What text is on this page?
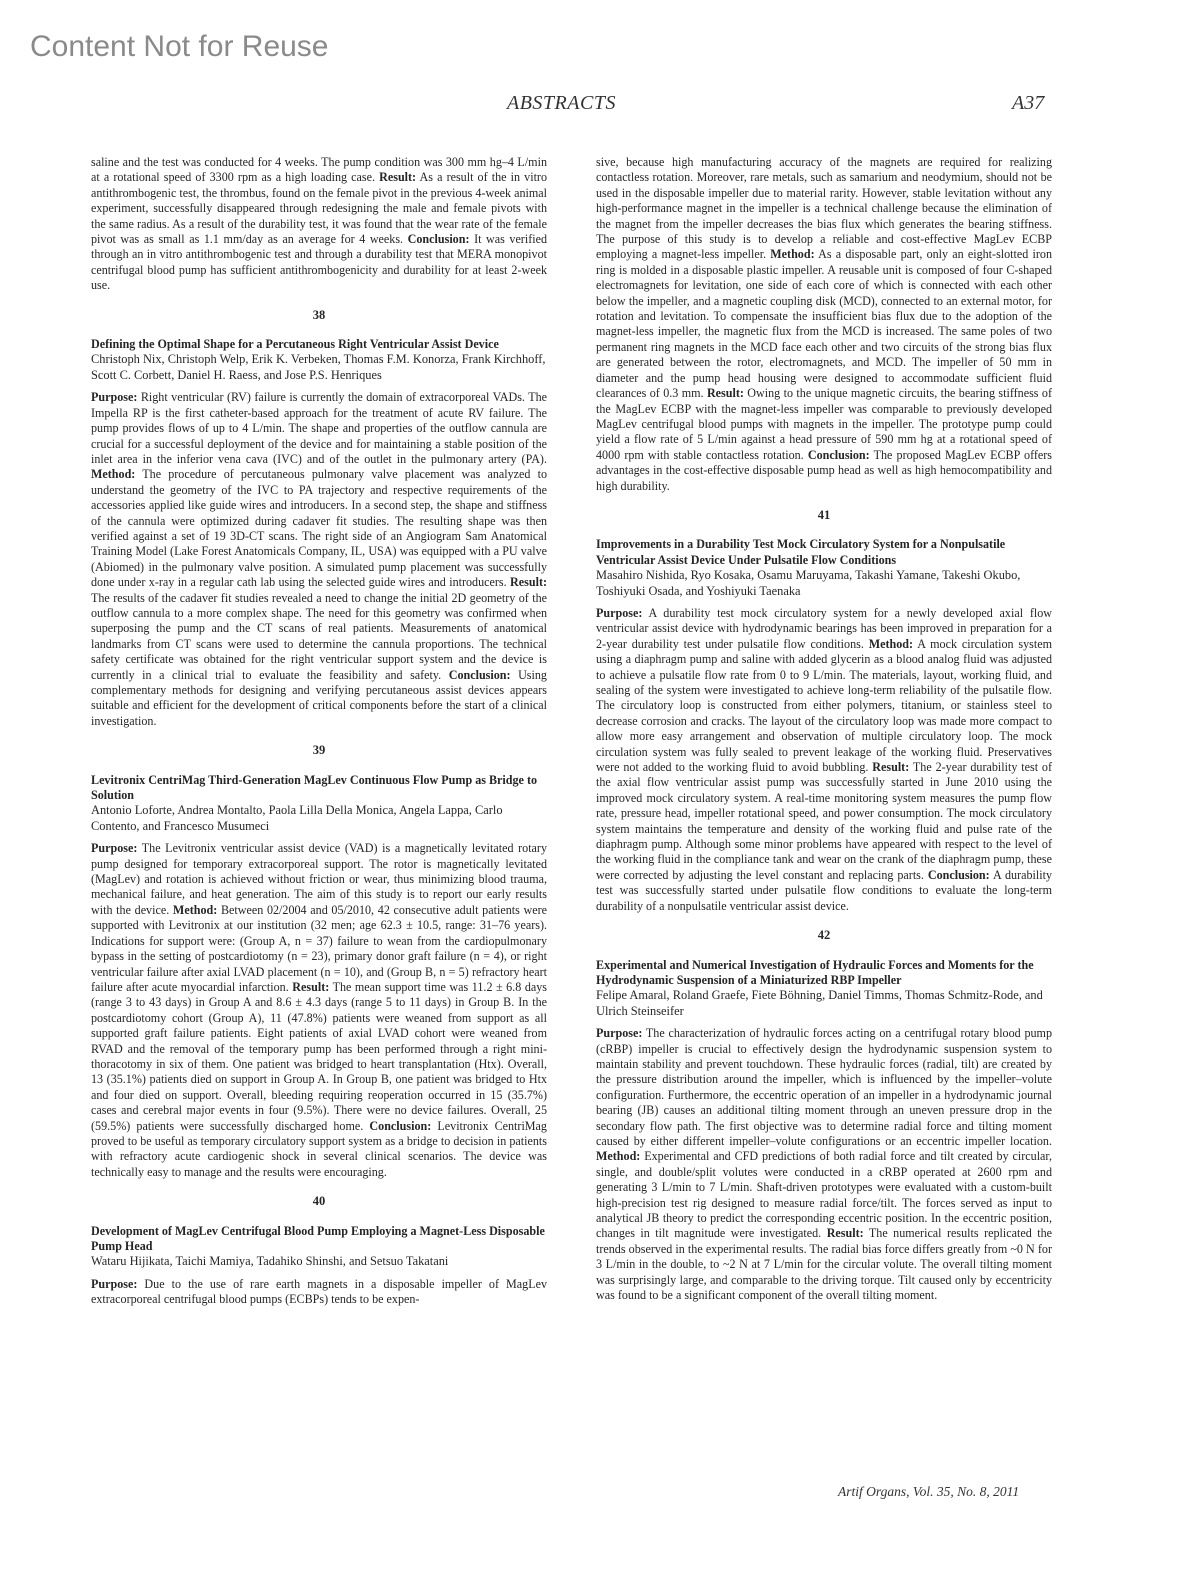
Content Not for Reuse
ABSTRACTS	A37

saline and the test was conducted for 4 weeks. The pump condition was 300 mm hg–4 L/min at a rotational speed of 3300 rpm as a high loading case. Result: As a result of the in vitro antithrombogenic test, the thrombus, found on the female pivot in the previous 4-week animal experiment, successfully disappeared through redesigning the male and female pivots with the same radius. As a result of the durability test, it was found that the wear rate of the female pivot was as small as 1.1 mm/day as an average for 4 weeks. Conclusion: It was verified through an in vitro antithrombogenic test and through a durability test that MERA monopivot centrifugal blood pump has sufficient antithrombogenicity and durability for at least 2-week use.

38

Defining the Optimal Shape for a Percutaneous Right Ventricular Assist Device

Christoph Nix, Christoph Welp, Erik K. Verbeken, Thomas F.M. Konorza, Frank Kirchhoff, Scott C. Corbett, Daniel H. Raess, and Jose P.S. Henriques

Purpose: Right ventricular (RV) failure is currently the domain of extracorporeal VADs. The Impella RP is the first catheter-based approach for the treatment of acute RV failure. The pump provides flows of up to 4 L/min. The shape and properties of the outflow cannula are crucial for a successful deployment of the device and for maintaining a stable position of the inlet area in the inferior vena cava (IVC) and of the outlet in the pulmonary artery (PA). Method: The procedure of percutaneous pulmonary valve placement was analyzed to understand the geometry of the IVC to PA trajectory and respective requirements of the accessories applied like guide wires and introducers. In a second step, the shape and stiffness of the cannula were optimized during cadaver fit studies. The resulting shape was then verified against a set of 19 3D-CT scans. The right side of an Angiogram Sam Anatomical Training Model (Lake Forest Anatomicals Company, IL, USA) was equipped with a PU valve (Abiomed) in the pulmonary valve position. A simulated pump placement was successfully done under x-ray in a regular cath lab using the selected guide wires and introducers. Result: The results of the cadaver fit studies revealed a need to change the initial 2D geometry of the outflow cannula to a more complex shape. The need for this geometry was confirmed when superposing the pump and the CT scans of real patients. Measurements of anatomical landmarks from CT scans were used to determine the cannula proportions. The technical safety certificate was obtained for the right ventricular support system and the device is currently in a clinical trial to evaluate the feasibility and safety. Conclusion: Using complementary methods for designing and verifying percutaneous assist devices appears suitable and efficient for the development of critical components before the start of a clinical investigation.

39

Levitronix CentriMag Third-Generation MagLev Continuous Flow Pump as Bridge to Solution

Antonio Loforte, Andrea Montalto, Paola Lilla Della Monica, Angela Lappa, Carlo Contento, and Francesco Musumeci

Purpose: The Levitronix ventricular assist device (VAD) is a magnetically levitated rotary pump designed for temporary extracorporeal support. The rotor is magnetically levitated (MagLev) and rotation is achieved without friction or wear, thus minimizing blood trauma, mechanical failure, and heat generation. The aim of this study is to report our early results with the device. Method: Between 02/2004 and 05/2010, 42 consecutive adult patients were supported with Levitronix at our institution (32 men; age 62.3 ± 10.5, range: 31–76 years). Indications for support were: (Group A, n = 37) failure to wean from the cardiopulmonary bypass in the setting of postcardiotomy (n = 23), primary donor graft failure (n = 4), or right ventricular failure after axial LVAD placement (n = 10), and (Group B, n = 5) refractory heart failure after acute myocardial infarction. Result: The mean support time was 11.2 ± 6.8 days (range 3 to 43 days) in Group A and 8.6 ± 4.3 days (range 5 to 11 days) in Group B. In the postcardiotomy cohort (Group A), 11 (47.8%) patients were weaned from support as all supported graft failure patients. Eight patients of axial LVAD cohort were weaned from RVAD and the removal of the temporary pump has been performed through a right mini-thoracotomy in six of them. One patient was bridged to heart transplantation (Htx). Overall, 13 (35.1%) patients died on support in Group A. In Group B, one patient was bridged to Htx and four died on support. Overall, bleeding requiring reoperation occurred in 15 (35.7%) cases and cerebral major events in four (9.5%). There were no device failures. Overall, 25 (59.5%) patients were successfully discharged home. Conclusion: Levitronix CentriMag proved to be useful as temporary circulatory support system as a bridge to decision in patients with refractory acute cardiogenic shock in several clinical scenarios. The device was technically easy to manage and the results were encouraging.

40

Development of MagLev Centrifugal Blood Pump Employing a Magnet-Less Disposable Pump Head

Wataru Hijikata, Taichi Mamiya, Tadahiko Shinshi, and Setsuo Takatani

Purpose: Due to the use of rare earth magnets in a disposable impeller of MagLev extracorporeal centrifugal blood pumps (ECBPs) tends to be expen-

sive, because high manufacturing accuracy of the magnets are required for realizing contactless rotation. Moreover, rare metals, such as samarium and neodymium, should not be used in the disposable impeller due to material rarity. However, stable levitation without any high-performance magnet in the impeller is a technical challenge because the elimination of the magnet from the impeller decreases the bias flux which generates the bearing stiffness. The purpose of this study is to develop a reliable and cost-effective MagLev ECBP employing a magnet-less impeller. Method: As a disposable part, only an eight-slotted iron ring is molded in a disposable plastic impeller. A reusable unit is composed of four C-shaped electromagnets for levitation, one side of each core of which is connected with each other below the impeller, and a magnetic coupling disk (MCD), connected to an external motor, for rotation and levitation. To compensate the insufficient bias flux due to the adoption of the magnet-less impeller, the magnetic flux from the MCD is increased. The same poles of two permanent ring magnets in the MCD face each other and two circuits of the strong bias flux are generated between the rotor, electromagnets, and MCD. The impeller of 50 mm in diameter and the pump head housing were designed to accommodate sufficient fluid clearances of 0.3 mm. Result: Owing to the unique magnetic circuits, the bearing stiffness of the MagLev ECBP with the magnet-less impeller was comparable to previously developed MagLev centrifugal blood pumps with magnets in the impeller. The prototype pump could yield a flow rate of 5 L/min against a head pressure of 590 mm hg at a rotational speed of 4000 rpm with stable contactless rotation. Conclusion: The proposed MagLev ECBP offers advantages in the cost-effective disposable pump head as well as high hemocompatibility and high durability.

41

Improvements in a Durability Test Mock Circulatory System for a Nonpulsatile Ventricular Assist Device Under Pulsatile Flow Conditions

Masahiro Nishida, Ryo Kosaka, Osamu Maruyama, Takashi Yamane, Takeshi Okubo, Toshiyuki Osada, and Yoshiyuki Taenaka

Purpose: A durability test mock circulatory system for a newly developed axial flow ventricular assist device with hydrodynamic bearings has been improved in preparation for a 2-year durability test under pulsatile flow conditions. Method: A mock circulation system using a diaphragm pump and saline with added glycerin as a blood analog fluid was adjusted to achieve a pulsatile flow rate from 0 to 9 L/min. The materials, layout, working fluid, and sealing of the system were investigated to achieve long-term reliability of the pulsatile flow. The circulatory loop is constructed from either polymers, titanium, or stainless steel to decrease corrosion and cracks. The layout of the circulatory loop was made more compact to allow more easy arrangement and observation of multiple circulatory loop. The mock circulation system was fully sealed to prevent leakage of the working fluid. Preservatives were not added to the working fluid to avoid bubbling. Result: The 2-year durability test of the axial flow ventricular assist pump was successfully started in June 2010 using the improved mock circulatory system. A real-time monitoring system measures the pump flow rate, pressure head, impeller rotational speed, and power consumption. The mock circulatory system maintains the temperature and density of the working fluid and pulse rate of the diaphragm pump. Although some minor problems have appeared with respect to the level of the working fluid in the compliance tank and wear on the crank of the diaphragm pump, these were corrected by adjusting the level constant and replacing parts. Conclusion: A durability test was successfully started under pulsatile flow conditions to evaluate the long-term durability of a nonpulsatile ventricular assist device.

42

Experimental and Numerical Investigation of Hydraulic Forces and Moments for the Hydrodynamic Suspension of a Miniaturized RBP Impeller

Felipe Amaral, Roland Graefe, Fiete Böhning, Daniel Timms, Thomas Schmitz-Rode, and Ulrich Steinseifer

Purpose: The characterization of hydraulic forces acting on a centrifugal rotary blood pump (cRBP) impeller is crucial to effectively design the hydrodynamic suspension system to maintain stability and prevent touchdown. These hydraulic forces (radial, tilt) are created by the pressure distribution around the impeller, which is influenced by the impeller–volute configuration. Furthermore, the eccentric operation of an impeller in a hydrodynamic journal bearing (JB) causes an additional tilting moment through an uneven pressure drop in the secondary flow path. The first objective was to determine radial force and tilting moment caused by either different impeller–volute configurations or an eccentric impeller location. Method: Experimental and CFD predictions of both radial force and tilt created by circular, single, and double/split volutes were conducted in a cRBP operated at 2600 rpm and generating 3 L/min to 7 L/min. Shaft-driven prototypes were evaluated with a custom-built high-precision test rig designed to measure radial force/tilt. The forces served as input to analytical JB theory to predict the corresponding eccentric position. In the eccentric position, changes in tilt magnitude were investigated. Result: The numerical results replicated the trends observed in the experimental results. The radial bias force differs greatly from ~0 N for 3 L/min in the double, to ~2 N at 7 L/min for the circular volute. The overall tilting moment was surprisingly large, and comparable to the driving torque. Tilt caused only by eccentricity was found to be a significant component of the overall tilting moment.

Artif Organs, Vol. 35, No. 8, 2011
